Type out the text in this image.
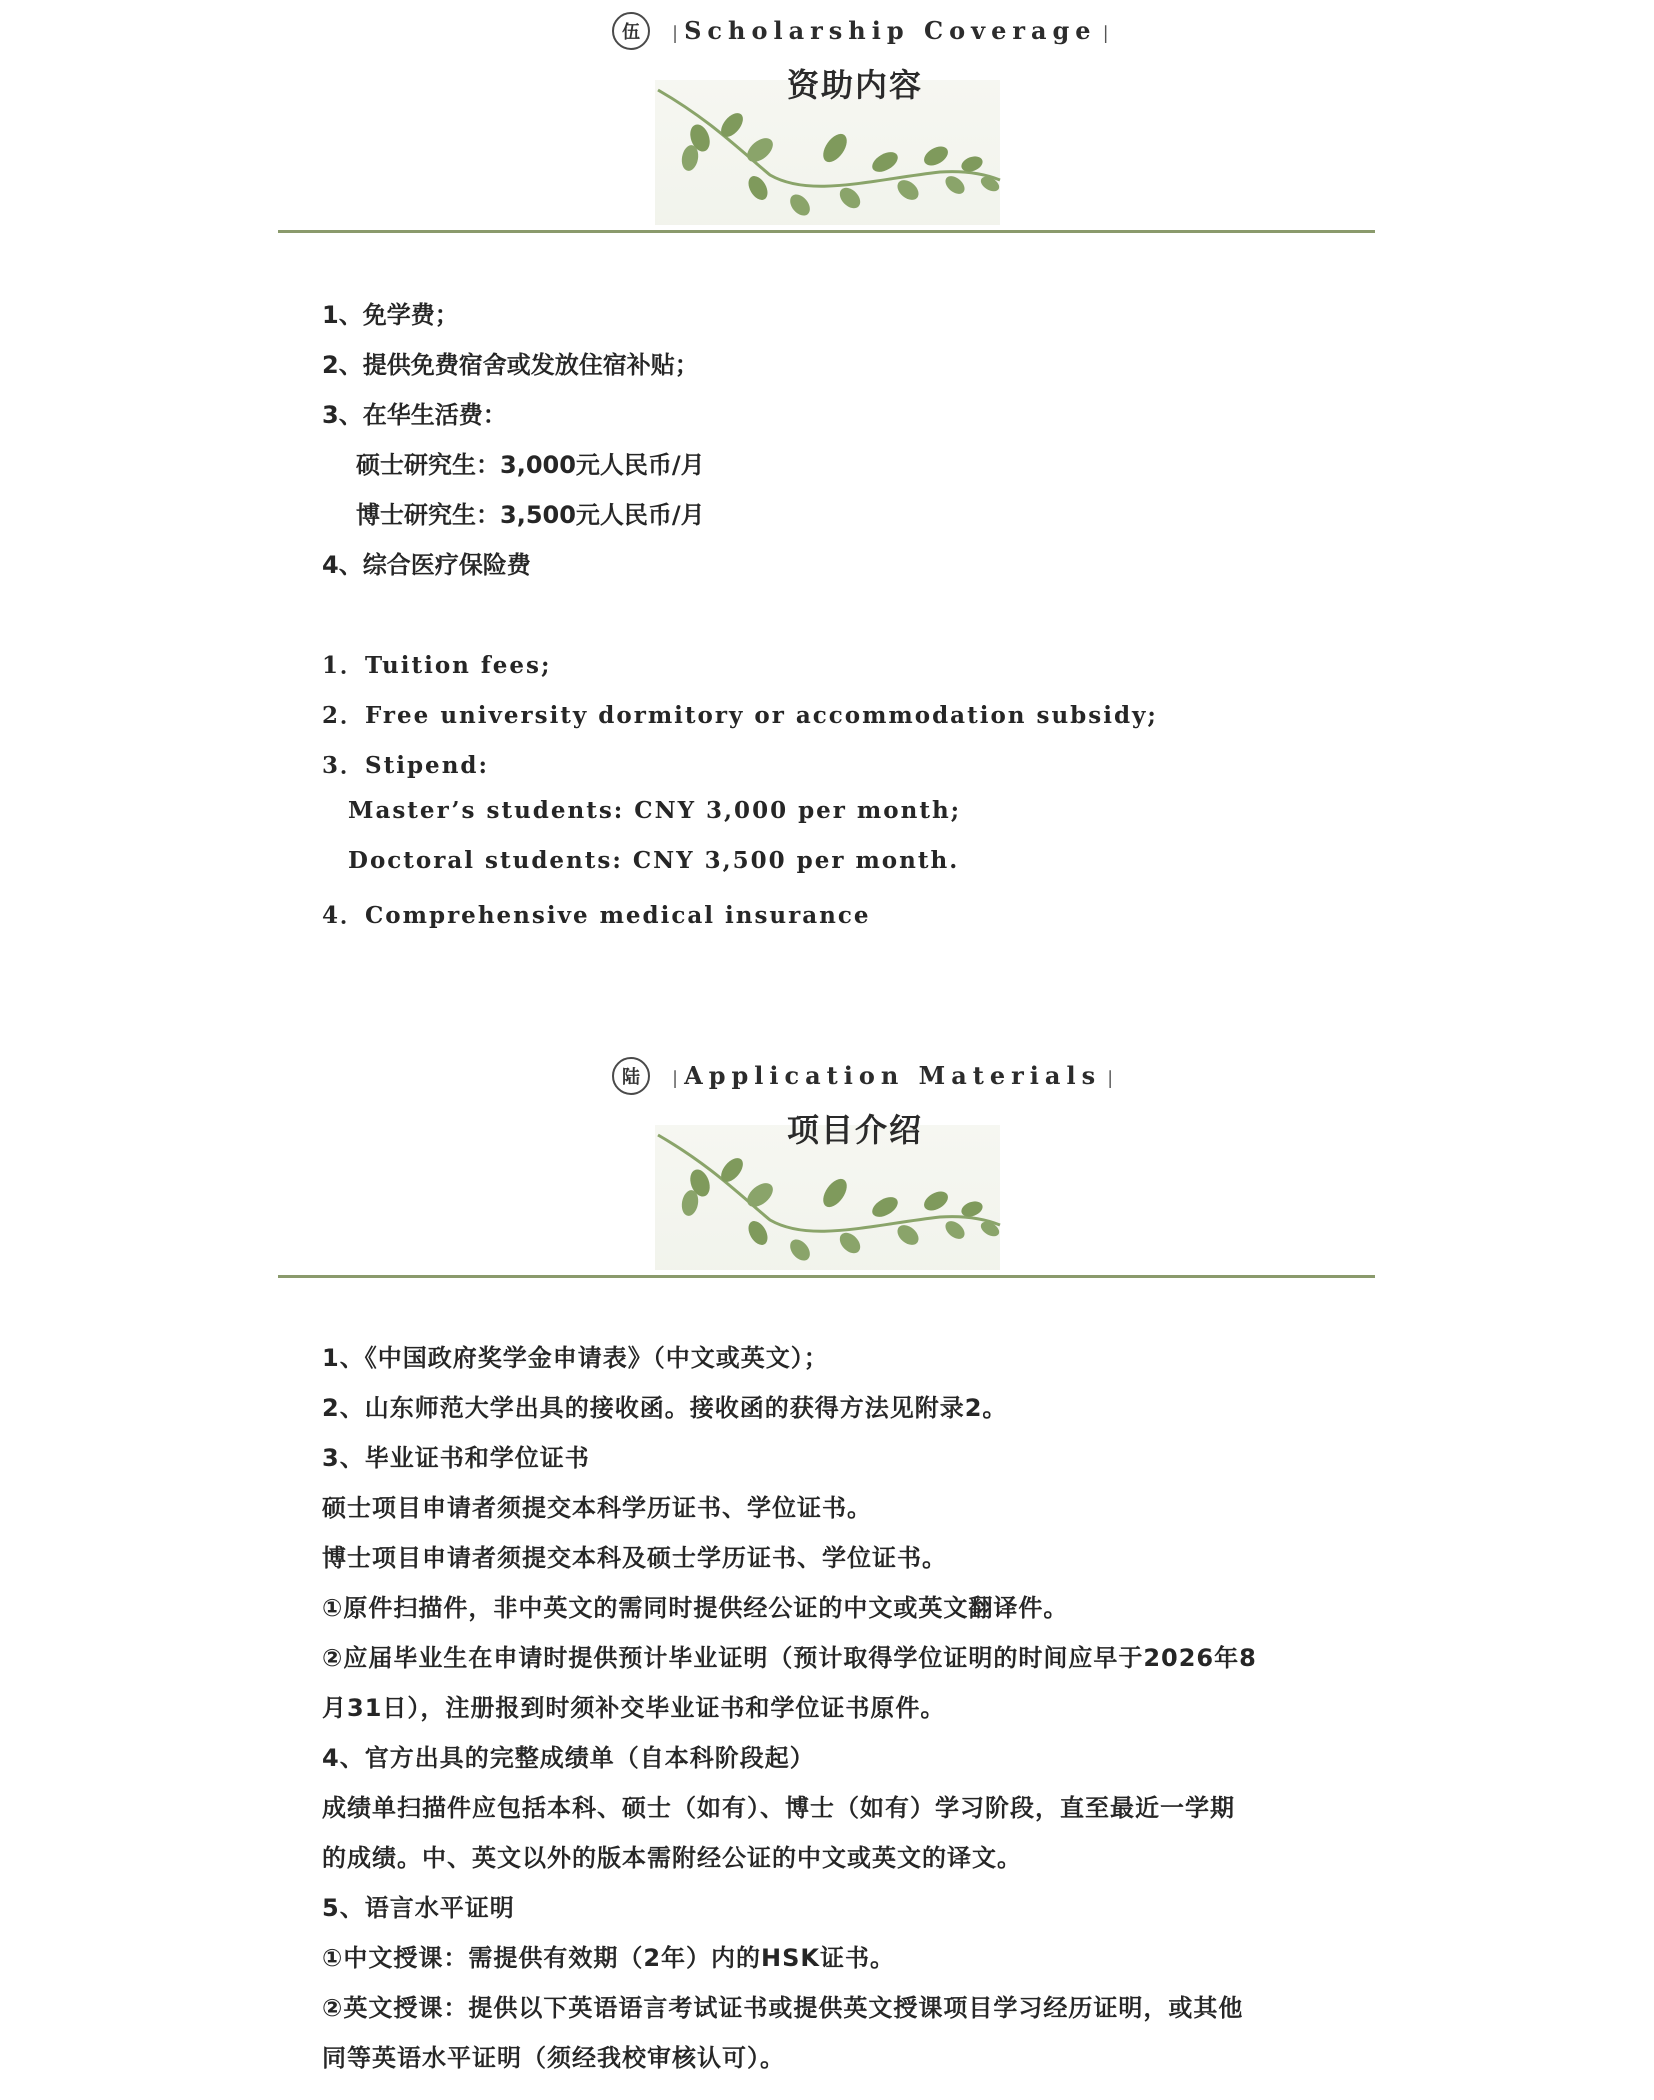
伍	| Scholarship Coverage |
资助内容
1、免学费；
2、提供免费宿舍或发放住宿补贴；
3、在华生活费：
硕士研究生：3,000元人民币/月
博士研究生：3,500元人民币/月
4、综合医疗保险费
1．Tuition fees;
2．Free university dormitory or accommodation subsidy;
3．Stipend:
Master’s students: CNY 3,000 per month;
Doctoral students: CNY 3,500 per month.
4．Comprehensive medical insurance
陆	| Application Materials |
项目介绍
1、《中国政府奖学金申请表》（中文或英文）；
2、山东师范大学出具的接收函。接收函的获得方法见附录2。
3、毕业证书和学位证书
硕士项目申请者须提交本科学历证书、学位证书。
博士项目申请者须提交本科及硕士学历证书、学位证书。
①原件扫描件，非中英文的需同时提供经公证的中文或英文翻译件。
②应届毕业生在申请时提供预计毕业证明（预计取得学位证明的时间应早于2026年8
月31日），注册报到时须补交毕业证书和学位证书原件。
4、官方出具的完整成绩单（自本科阶段起）
成绩单扫描件应包括本科、硕士（如有）、博士（如有）学习阶段，直至最近一学期
的成绩。中、英文以外的版本需附经公证的中文或英文的译文。
5、语言水平证明
①中文授课：需提供有效期（2年）内的HSK证书。
②英文授课：提供以下英语语言考试证书或提供英文授课项目学习经历证明，或其他
同等英语水平证明（须经我校审核认可）。
